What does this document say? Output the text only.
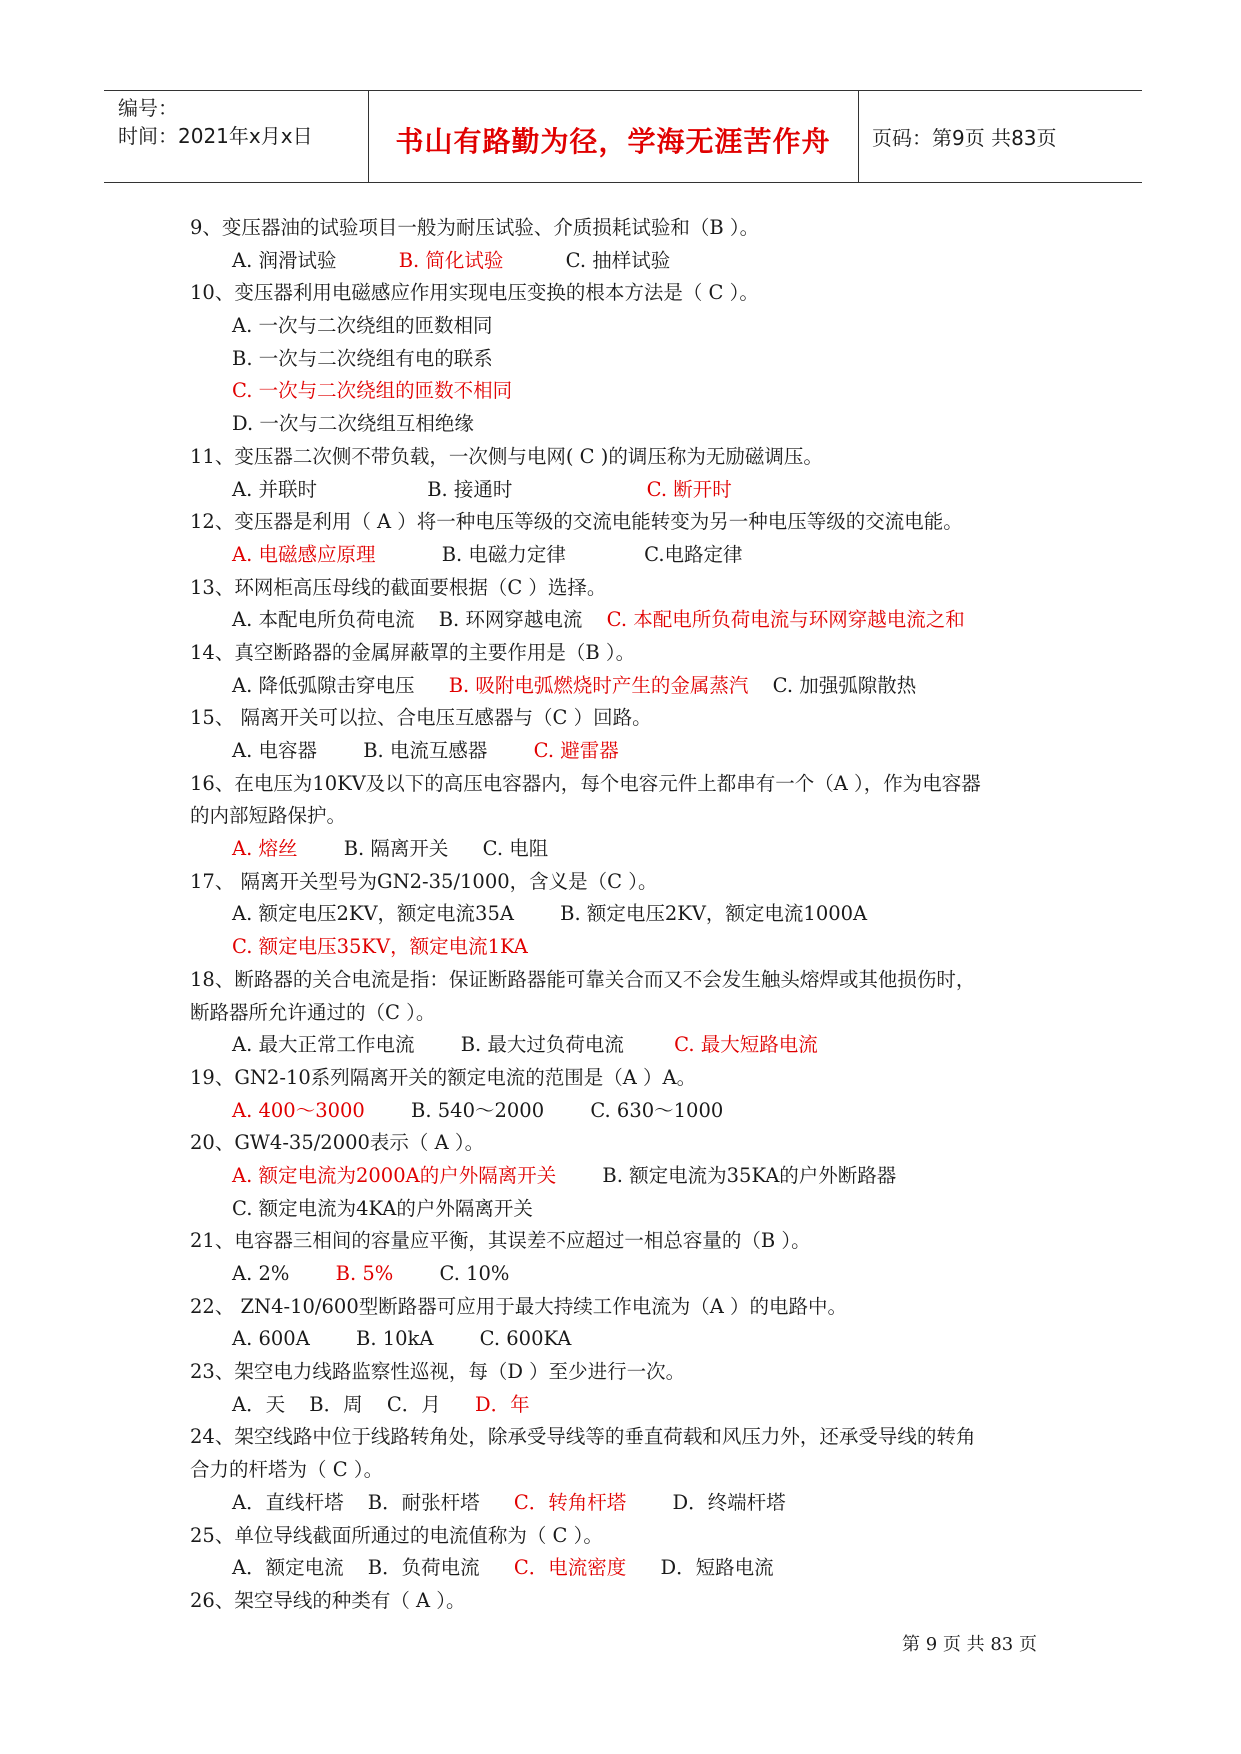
编号：
时间：2021年x月x日	书山有路勤为径，学海无涯苦作舟	页码：第9页 共83页
9、变压器油的试验项目一般为耐压试验、介质损耗试验和（B ）。
A. 润滑试验	B. 简化试验	C. 抽样试验
10、变压器利用电磁感应作用实现电压变换的根本方法是（ C ）。
A. 一次与二次绕组的匝数相同
B. 一次与二次绕组有电的联系
C. 一次与二次绕组的匝数不相同
D. 一次与二次绕组互相绝缘
11、变压器二次侧不带负载，一次侧与电网( C )的调压称为无励磁调压。
A. 并联时	B. 接通时	C. 断开时
12、变压器是利用（ A ）将一种电压等级的交流电能转变为另一种电压等级的交流电能。
A. 电磁感应原理	B. 电磁力定律	C.电路定律
13、环网柜高压母线的截面要根据（C ）选择。
A. 本配电所负荷电流 B. 环网穿越电流 C. 本配电所负荷电流与环网穿越电流之和
14、真空断路器的金属屏蔽罩的主要作用是（B ）。
A. 降低弧隙击穿电压 B. 吸附电弧燃烧时产生的金属蒸汽 C. 加强弧隙散热
15、 隔离开关可以拉、合电压互感器与（C ）回路。
A. 电容器 B. 电流互感器 C. 避雷器
16、在电压为10KV及以下的高压电容器内，每个电容元件上都串有一个（A ），作为电容器
的内部短路保护。
A. 熔丝 B. 隔离开关 C. 电阻
17、 隔离开关型号为GN2-35/1000，含义是（C ）。
A. 额定电压2KV，额定电流35A B. 额定电压2KV，额定电流1000A
C. 额定电压35KV，额定电流1KA
18、断路器的关合电流是指：保证断路器能可靠关合而又不会发生触头熔焊或其他损伤时，
断路器所允许通过的（C ）。
A. 最大正常工作电流 B. 最大过负荷电流	C. 最大短路电流
19、GN2-10系列隔离开关的额定电流的范围是（A ）A。
A. 400～3000 B. 540～2000 C. 630～1000
20、GW4-35/2000表示（ A ）。
A. 额定电流为2000A的户外隔离开关 B. 额定电流为35KA的户外断路器
C. 额定电流为4KA的户外隔离开关
21、电容器三相间的容量应平衡，其误差不应超过一相总容量的（B ）。
A. 2% B. 5% C. 10%
22、 ZN4-10/600型断路器可应用于最大持续工作电流为（A ）的电路中。
A. 600A B. 10kA C. 600KA
23、架空电力线路监察性巡视，每（D ）至少进行一次。
A．天 B．周 C．月 D．年
24、架空线路中位于线路转角处，除承受导线等的垂直荷载和风压力外，还承受导线的转角
合力的杆塔为（ C ）。
A．直线杆塔 B．耐张杆塔 C．转角杆塔 D．终端杆塔
25、单位导线截面所通过的电流值称为（ C ）。
A．额定电流 B．负荷电流 C．电流密度 D．短路电流
26、架空导线的种类有（ A ）。
第 9 页 共 83 页
